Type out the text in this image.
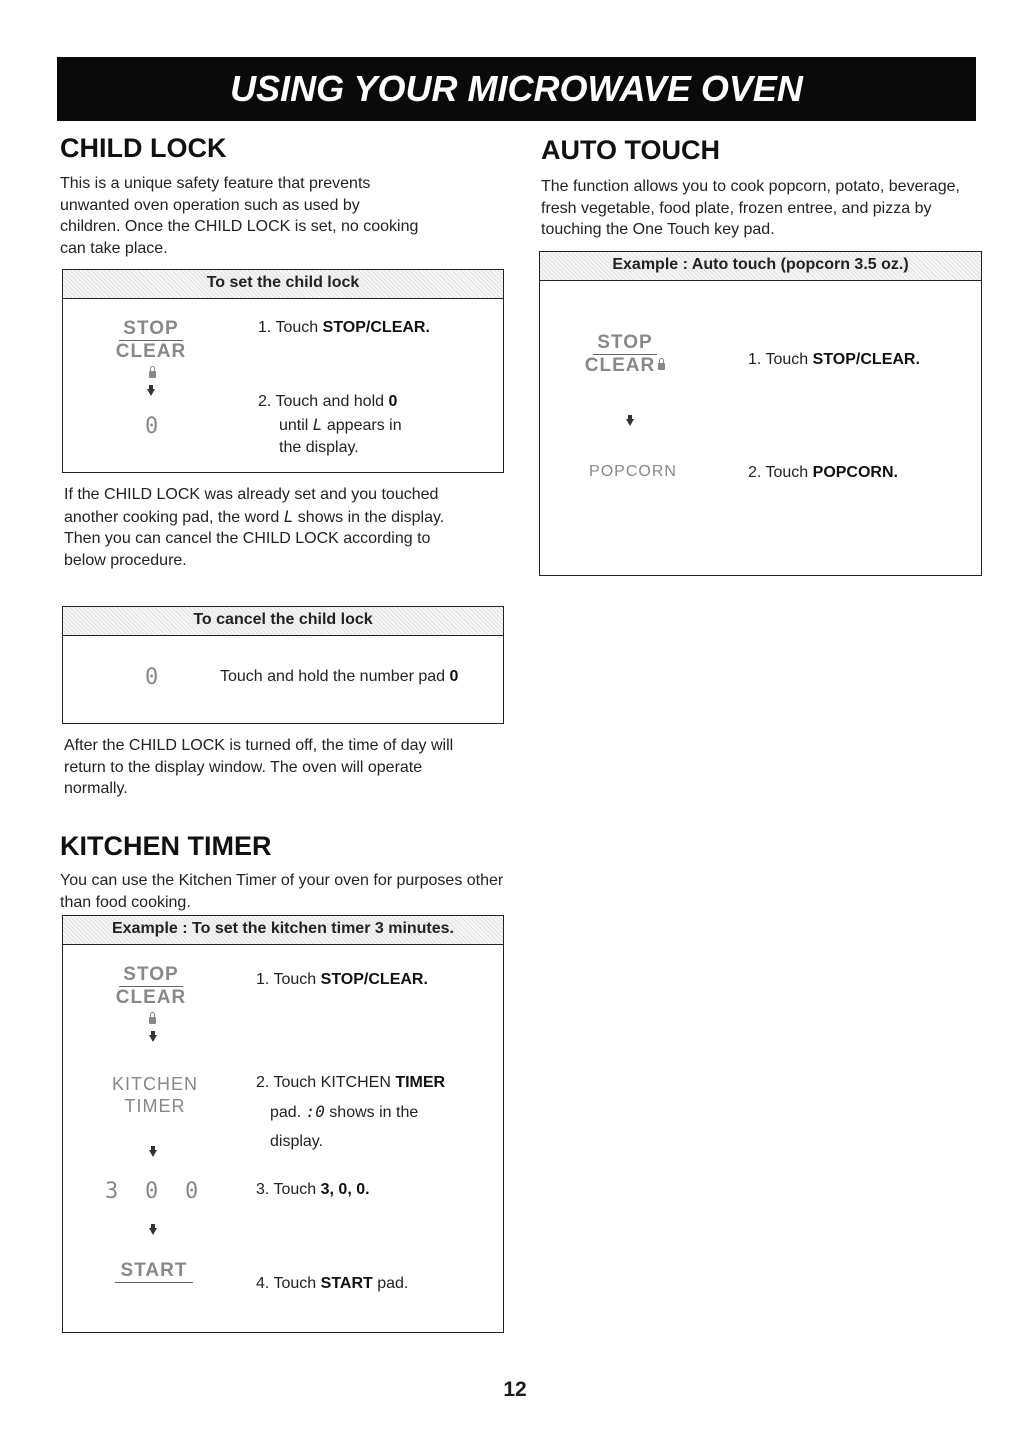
USING YOUR MICROWAVE OVEN
CHILD LOCK

This is a unique safety feature that prevents unwanted oven operation such as used by children. Once the CHILD LOCK is set, no cooking can take place.

To set the child lock
STOP
CLEAR
0
1. Touch STOP/CLEAR.
2. Touch and hold 0
until L appears in
the display.

If the CHILD LOCK was already set and you touched another cooking pad, the word L shows in the display.
Then you can cancel the CHILD LOCK according to below procedure.

To cancel the child lock
0	Touch and hold the number pad 0

After the CHILD LOCK is turned off, the time of day will return to the display window. The oven will operate normally.

KITCHEN TIMER

You can use the Kitchen Timer of your oven for purposes other than food cooking.

Example : To set the kitchen timer 3 minutes.
STOP
CLEAR
KITCHEN
TIMER
3 0 0
START
1. Touch STOP/CLEAR.
2. Touch KITCHEN TIMER
pad. :0 shows in the
display.
3. Touch 3, 0, 0.
4. Touch START pad.
AUTO TOUCH

The function allows you to cook popcorn, potato, beverage, fresh vegetable, food plate, frozen entree, and pizza by touching the One Touch key pad.

Example : Auto touch (popcorn 3.5 oz.)
STOP
CLEAR
POPCORN
1. Touch STOP/CLEAR.
2. Touch POPCORN.
12
